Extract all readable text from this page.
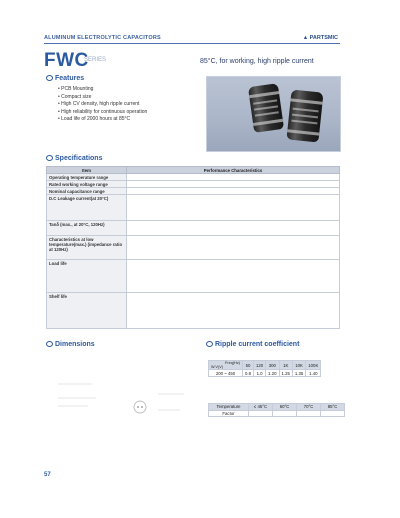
ALUMINUM ELECTROLYTIC CAPACITORS	▲ PARTSMIC
FWC
SERIES	85°C, for working, high ripple current
Features
• PCB Mounting
• Compact size
• High CV density, high ripple current
• High reliability for continuous operation
• Load life of 2000 hours at 85°C
Specifications
Item	Performance Characteristics
Operating temperature range	
Rated working voltage range	
Nominal capacitance range	
D.C Leakage current(at 20°C)	
Tanδ (max., at 20°C, 120Hz)	
Characteristics at low temperature(max.) (impedance ratio at 120Hz)	
Load life	
Shelf life	
Dimensions	Ripple current coefficient
Freq(Hz)
W.V(V)	50	120	300	1K	10K	100K
200 ~ 450	0.8	1.0	1.20	1.25	1.35	1.40
Temperature	≤ 45°C	60°C	70°C	85°C
Factor				
57
